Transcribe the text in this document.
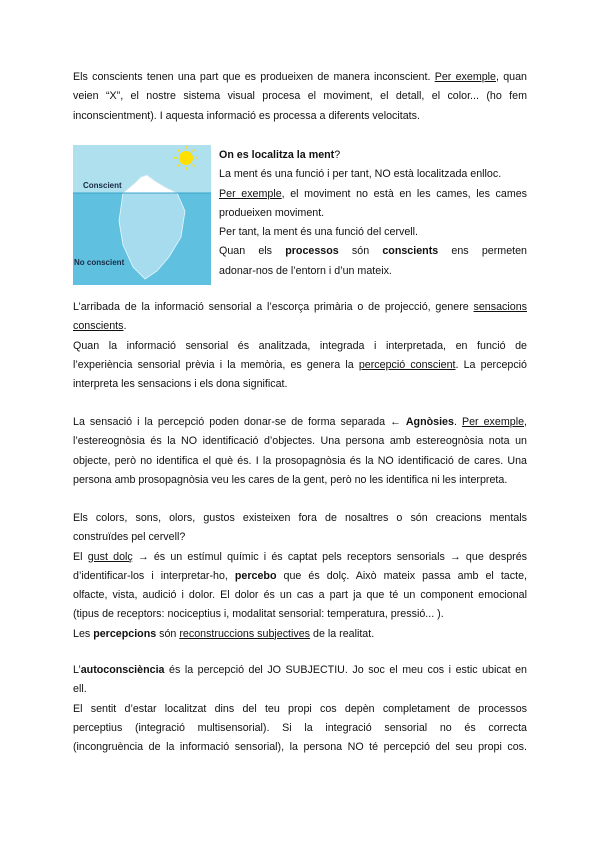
Els conscients tenen una part que es produeixen de manera inconscient. Per exemple, quan
veien “X”, el nostre sistema visual procesa el moviment, el detall, el color... (ho fem
inconscientment). I aquesta informació es processa a diferents velocitats.
Conscient
No conscient
On es localitza la ment?
La ment és una funció i per tant, NO està localitzada enlloc.
Per exemple, el moviment no està en les cames, les cames
produeixen moviment.
Per tant, la ment és una funció del cervell.
Quan els processos són conscients ens permeten
adonar-nos de l’entorn i d’un mateix.
L’arribada de la informació sensorial a l’escorça primària o de projecció, genere sensacions
conscients.
Quan la informació sensorial és analitzada, integrada i interpretada, en funció de
l’experiència sensorial prèvia i la memòria, es genera la percepció conscient. La percepció
interpreta les sensacions i els dona significat.
La sensació i la percepció poden donar-se de forma separada ← Agnòsies. Per exemple,
l’estereognòsia és la NO identificació d’objectes. Una persona amb estereognòsia nota un
objecte, però no identifica el què és. I la prosopagnòsia és la NO identificació de cares. Una
persona amb prosopagnòsia veu les cares de la gent, però no les identifica ni les interpreta.
Els colors, sons, olors, gustos existeixen fora de nosaltres o són creacions mentals
construïdes pel cervell?
El gust dolç → és un estímul químic i és captat pels receptors sensorials → que després
d’identificar-los i interpretar-ho, percebo que és dolç. Això mateix passa amb el tacte,
olfacte, vista, audició i dolor. El dolor és un cas a part ja que té un component emocional
(tipus de receptors: nociceptius i, modalitat sensorial: temperatura, pressió... ).
Les percepcions són reconstruccions subjectives de la realitat.
L’autoconsciència és la percepció del JO SUBJECTIU. Jo soc el meu cos i estic ubicat en
ell.
El sentit d’estar localitzat dins del teu propi cos depèn completament de processos
perceptius (integració multisensorial). Si la integració sensorial no és correcta
(incongruència de la informació sensorial), la persona NO té percepció del seu propi cos.
